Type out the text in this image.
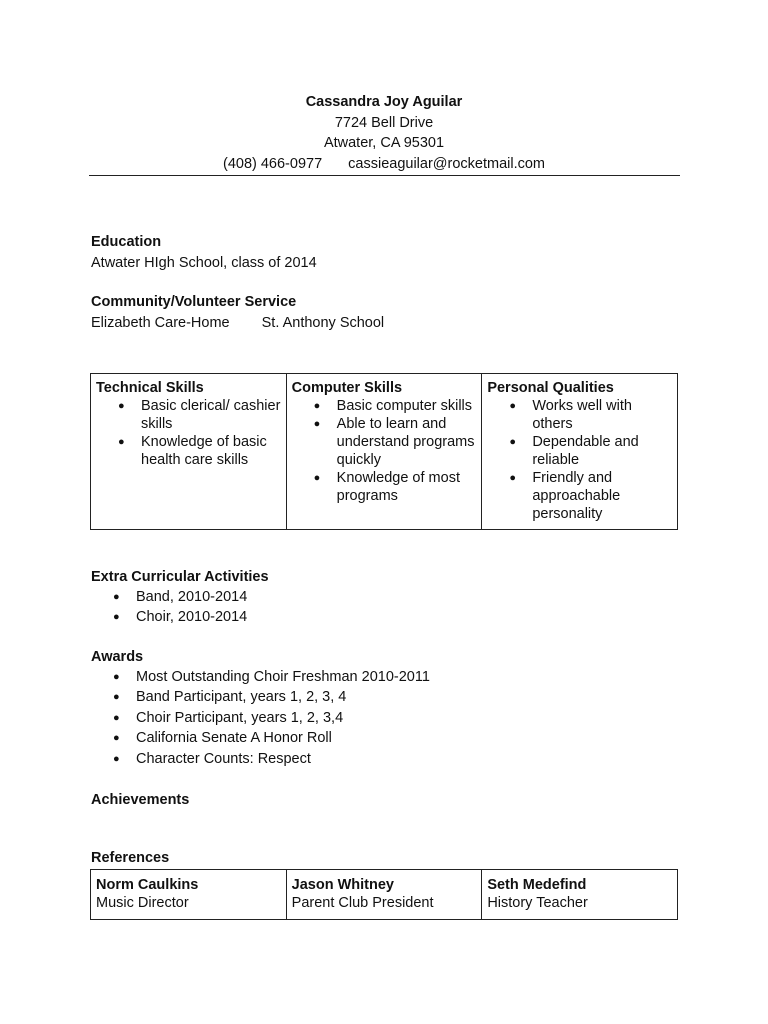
Cassandra Joy Aguilar
7724 Bell Drive
Atwater, CA 95301
(408) 466-0977 cassieaguilar@rocketmail.com
Education
Atwater HIgh School, class of 2014
Community/Volunteer Service
Elizabeth Care-Home St. Anthony School
Technical Skills
● Basic clerical/ cashier skills
● Knowledge of basic health care skills

Computer Skills
● Basic computer skills
● Able to learn and understand programs quickly
● Knowledge of most programs

Personal Qualities
● Works well with others
● Dependable and reliable
● Friendly and approachable personality
Extra Curricular Activities
● Band, 2010-2014
● Choir, 2010-2014
Awards
● Most Outstanding Choir Freshman 2010-2011
● Band Participant, years 1, 2, 3, 4
● Choir Participant, years 1, 2, 3,4
● California Senate A Honor Roll
● Character Counts: Respect
Achievements
References
Norm Caulkins
Music Director

Jason Whitney
Parent Club President

Seth Medefind
History Teacher
